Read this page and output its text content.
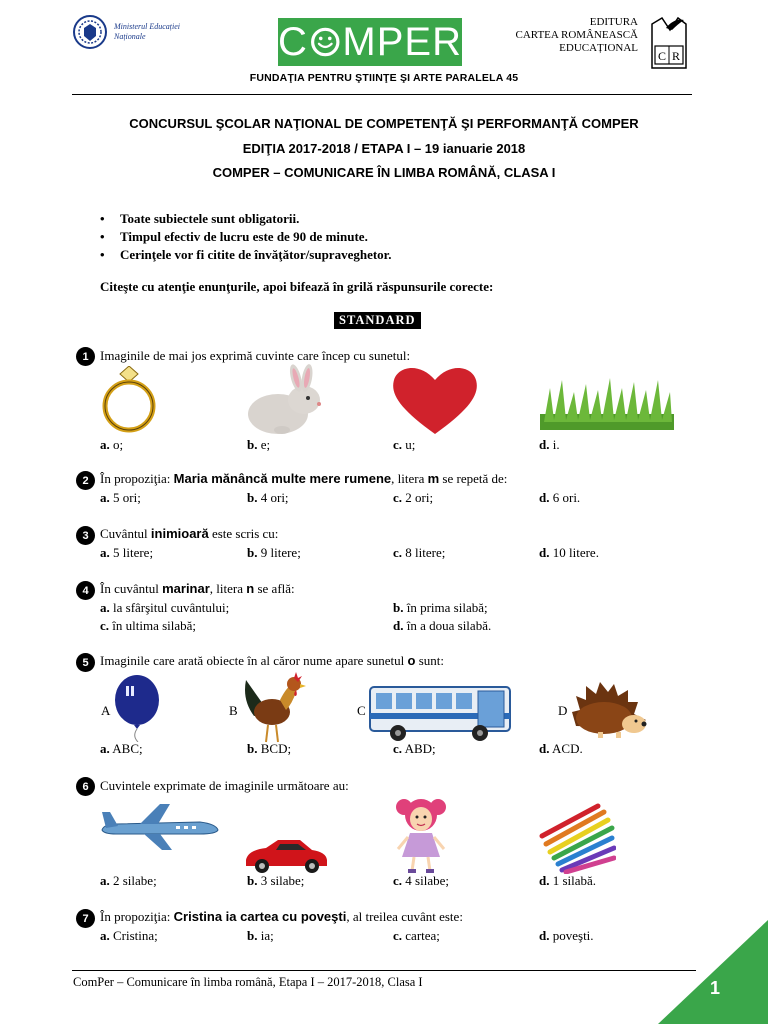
Ministerul Educației
Naționale	C MPER	EDITURA
CARTEA ROMÂNEASCĂ
EDUCAȚIONAL
C R
FUNDAŢIA PENTRU ŞTIINŢE ŞI ARTE PARALELA 45
CONCURSUL ŞCOLAR NAŢIONAL DE COMPETENŢĂ ŞI PERFORMANŢĂ COMPER
EDIŢIA 2017-2018 / ETAPA I – 19 ianuarie 2018
COMPER – COMUNICARE ÎN LIMBA ROMÂNĂ, CLASA I
• Toate subiectele sunt obligatorii.
• Timpul efectiv de lucru este de 90 de minute.
• Cerinţele vor fi citite de învăţător/supraveghetor.
Citeşte cu atenţie enunţurile, apoi bifează în grilă răspunsurile corecte:
STANDARD
1 Imaginile de mai jos exprimă cuvinte care încep cu sunetul:
a. o;	b. e;	c. u;	d. i.
2 În propoziţia: Maria mănâncă multe mere rumene, litera m se repetă de:
a. 5 ori;	b. 4 ori;	c. 2 ori;	d. 6 ori.
3 Cuvântul inimioară este scris cu:
a. 5 litere;	b. 9 litere;	c. 8 litere;	d. 10 litere.
4 În cuvântul marinar, litera n se află:
a. la sfârşitul cuvântului;	b. în prima silabă;
c. în ultima silabă;	d. în a doua silabă.
5 Imaginile care arată obiecte în al căror nume apare sunetul o sunt:
A	B	C	D
a. ABC;	b. BCD;	c. ABD;	d. ACD.
6 Cuvintele exprimate de imaginile următoare au:
a. 2 silabe;	b. 3 silabe;	c. 4 silabe;	d. 1 silabă.
7 În propoziţia: Cristina ia cartea cu poveşti, al treilea cuvânt este:
a. Cristina;	b. ia;	c. cartea;	d. poveşti.
ComPer – Comunicare în limba română, Etapa I – 2017-2018, Clasa I	1
